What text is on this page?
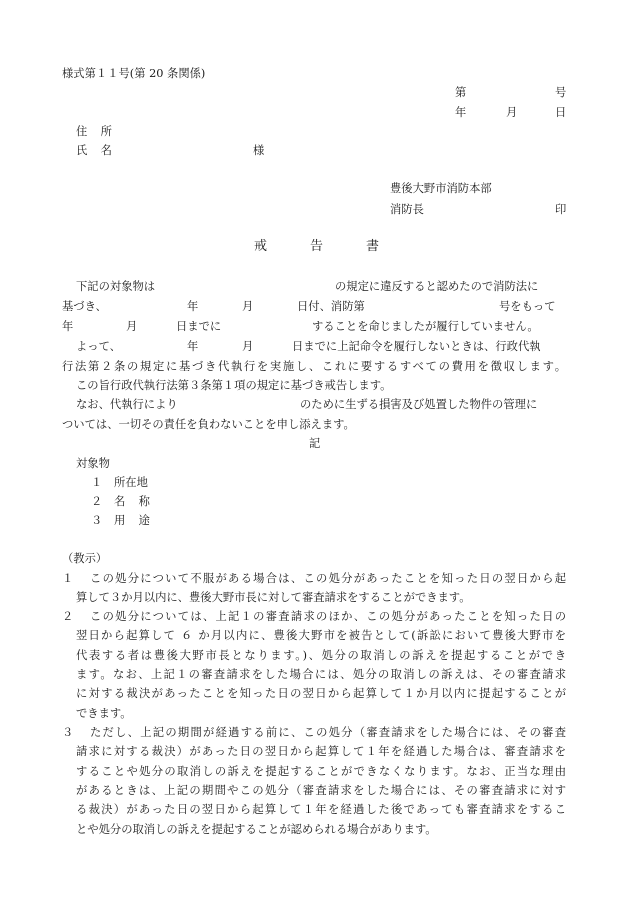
様式第１１号(第 20 条関係)
第	号
年	月	日
住　所
氏　名	様
豊後大野市消防本部
消防長	印
戒	告	書
下記の対象物は	の規定に違反すると認めたので消防法に
基づき、	年	月	日付、消防第	号をもって
年	月	日までに	することを命じましたが履行していません。
よって、	年	月	日までに上記命令を履行しないときは、行政代執
行法第２条の規定に基づき代執行を実施し、これに要するすべての費用を徴収します。
この旨行政代執行法第３条第１項の規定に基づき戒告します。
なお、代執行により	のために生ずる損害及び処置した物件の管理に
ついては、一切その責任を負わないことを申し添えます。
記
対象物
１ 所在地
２ 名　称
３ 用　途
（教示）
１ この処分について不服がある場合は、この処分があったことを知った日の翌日から起
算して３か月以内に、豊後大野市長に対して審査請求をすることができます。
２ この処分については、上記１の審査請求のほか、この処分があったことを知った日の
翌日から起算して ６ か月以内に、豊後大野市を被告として(訴訟において豊後大野市を
代表する者は豊後大野市長となります。)、処分の取消しの訴えを提起することができ
ます。なお、上記１の審査請求をした場合には、処分の取消しの訴えは、その審査請求
に対する裁決があったことを知った日の翌日から起算して１か月以内に提起することが
できます。
３ ただし、上記の期間が経過する前に、この処分（審査請求をした場合には、その審査
請求に対する裁決）があった日の翌日から起算して１年を経過した場合は、審査請求を
することや処分の取消しの訴えを提起することができなくなります。なお、正当な理由
があるときは、上記の期間やこの処分（審査請求をした場合には、その審査請求に対す
る裁決）があった日の翌日から起算して１年を経過した後であっても審査請求をするこ
とや処分の取消しの訴えを提起することが認められる場合があります。
